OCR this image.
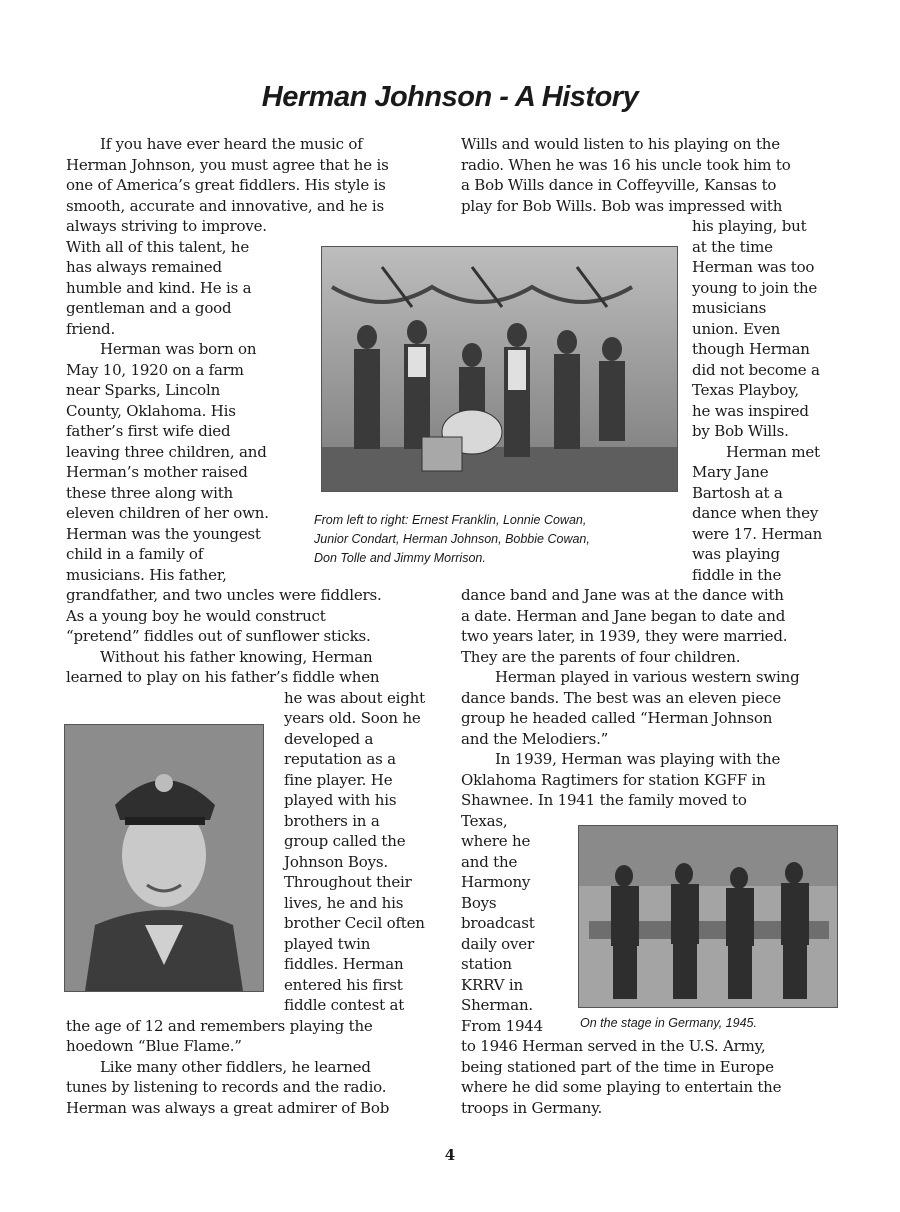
Herman Johnson - A History

If you have ever heard the music of

Herman Johnson, you must agree that he is

one of America’s great fiddlers. His style is

smooth, accurate and innovative, and he is

always striving to improve.

With all of this talent, he

has always remained

humble and kind. He is a

gentleman and a good

friend.

Herman was born on

May 10, 1920 on a farm

near Sparks, Lincoln

County, Oklahoma. His

father’s first wife died

leaving three children, and

Herman’s mother raised

these three along with

eleven children of her own.

Herman was the youngest

child in a family of

musicians. His father,

grandfather, and two uncles were fiddlers.

As a young boy he would construct

“pretend” fiddles out of sunflower sticks.

Without his father knowing, Herman

learned to play on his father’s fiddle when

he was about eight

years old. Soon he

developed a

reputation as a

fine player. He

played with his

brothers in a

group called the

Johnson Boys.

Throughout their

lives, he and his

brother Cecil often

played twin

fiddles. Herman

entered his first

fiddle contest at

the age of 12 and remembers playing the

hoedown “Blue Flame.”

Like many other fiddlers, he learned

tunes by listening to records and the radio.

Herman was always a great admirer of Bob

Wills and would listen to his playing on the

radio. When he was 16 his uncle took him to

a Bob Wills dance in Coffeyville, Kansas to

play for Bob Wills. Bob was impressed with

his playing, but

at the time

Herman was too

young to join the

musicians

union. Even

though Herman

did not become a

Texas Playboy,

he was inspired

by Bob Wills.

Herman met

Mary Jane

Bartosh at a

dance when they

were 17. Herman

was playing

fiddle in the

dance band and Jane was at the dance with

a date. Herman and Jane began to date and

two years later, in 1939, they were married.

They are the parents of four children.

Herman played in various western swing

dance bands. The best was an eleven piece

group he headed called “Herman Johnson

and the Melodiers.”

In 1939, Herman was playing with the

Oklahoma Ragtimers for station KGFF in

Shawnee. In 1941 the family moved to

Texas,

where he

and the

Harmony

Boys

broadcast

daily over

station

KRRV in

Sherman.

From 1944

to 1946 Herman served in the U.S. Army,

being stationed part of the time in Europe

where he did some playing to entertain the

troops in Germany.

From left to right: Ernest Franklin, Lonnie Cowan,

Junior Condart, Herman Johnson, Bobbie Cowan,

Don Tolle and Jimmy Morrison.

On the stage in Germany, 1945.

4
